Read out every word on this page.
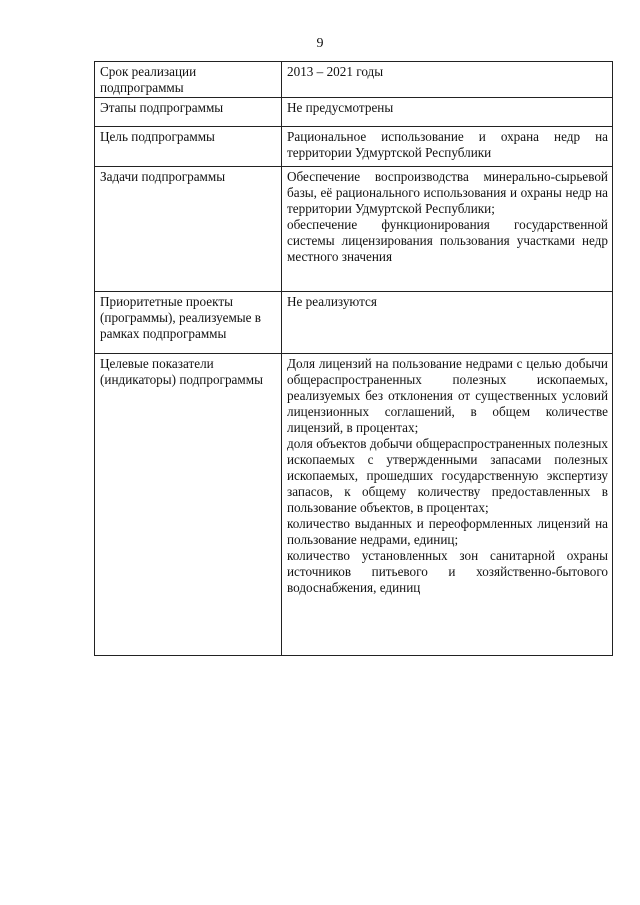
9
Срок реализации подпрограммы	2013 – 2021 годы

Этапы подпрограммы	Не предусмотрены

Цель подпрограммы	Рациональное использование и охрана недр на территории Удмуртской Республики

Задачи подпрограммы	Обеспечение воспроизводства минерально-сырьевой базы, её рационального использования и охраны недр на территории Удмуртской Республики;
обеспечение функционирования государственной системы лицензирования пользования участками недр местного значения

Приоритетные проекты (программы), реализуемые в рамках подпрограммы	Не реализуются

Целевые показатели (индикаторы) подпрограммы	Доля лицензий на пользование недрами с целью добычи общераспространенных полезных ископаемых, реализуемых без отклонения от существенных условий лицензионных соглашений, в общем количестве лицензий, в процентах;
доля объектов добычи общераспространенных полезных ископаемых с утвержденными запасами полезных ископаемых, прошедших государственную экспертизу запасов, к общему количеству предоставленных в пользование объектов, в процентах;
количество выданных и переоформленных лицензий на пользование недрами, единиц;
количество установленных зон санитарной охраны источников питьевого и хозяйственно-бытового водоснабжения, единиц
